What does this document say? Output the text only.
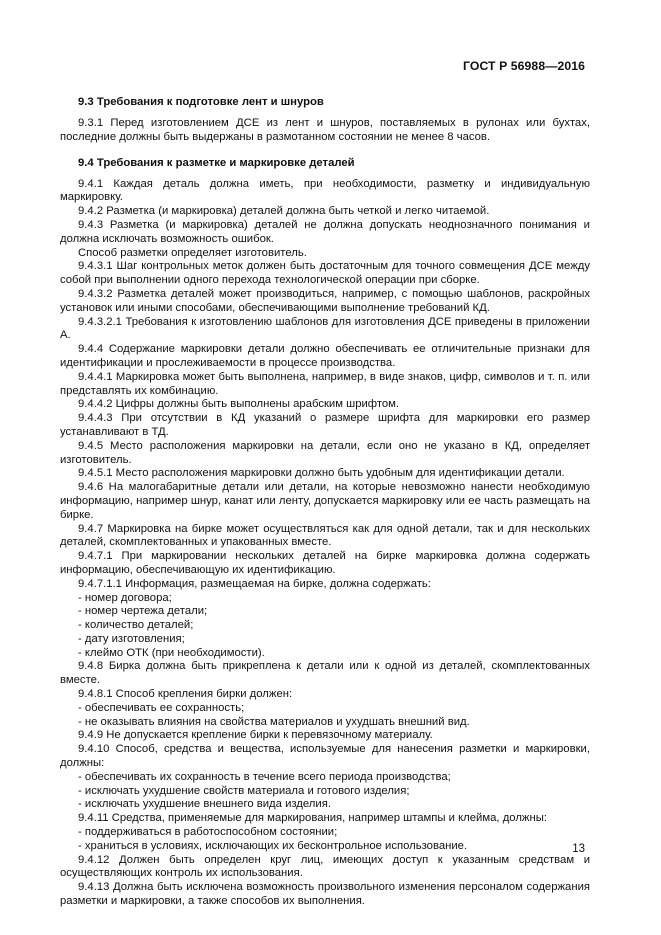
ГОСТ Р 56988—2016

9.3 Требования к подготовке лент и шнуров

9.3.1 Перед изготовлением ДСЕ из лент и шнуров, поставляемых в рулонах или бухтах, последние должны быть выдержаны в размотанном состоянии не менее 8 часов.

9.4 Требования к разметке и маркировке деталей

9.4.1 Каждая деталь должна иметь, при необходимости, разметку и индивидуальную маркировку.

9.4.2 Разметка (и маркировка) деталей должна быть четкой и легко читаемой.

9.4.3 Разметка (и маркировка) деталей не должна допускать неоднозначного понимания и должна исключать возможность ошибок.

Способ разметки определяет изготовитель.

9.4.3.1 Шаг контрольных меток должен быть достаточным для точного совмещения ДСЕ между собой при выполнении одного перехода технологической операции при сборке.

9.4.3.2 Разметка деталей может производиться, например, с помощью шаблонов, раскройных установок или иными способами, обеспечивающими выполнение требований КД.

9.4.3.2.1 Требования к изготовлению шаблонов для изготовления ДСЕ приведены в приложении А.

9.4.4 Содержание маркировки детали должно обеспечивать ее отличительные признаки для идентификации и прослеживаемости в процессе производства.

9.4.4.1 Маркировка может быть выполнена, например, в виде знаков, цифр, символов и т. п. или представлять их комбинацию.

9.4.4.2 Цифры должны быть выполнены арабским шрифтом.

9.4.4.3 При отсутствии в КД указаний о размере шрифта для маркировки его размер устанавливают в ТД.

9.4.5 Место расположения маркировки на детали, если оно не указано в КД, определяет изготовитель.

9.4.5.1 Место расположения маркировки должно быть удобным для идентификации детали.

9.4.6 На малогабаритные детали или детали, на которые невозможно нанести необходимую информацию, например шнур, канат или ленту, допускается маркировку или ее часть размещать на бирке.

9.4.7 Маркировка на бирке может осуществляться как для одной детали, так и для нескольких деталей, скомплектованных и упакованных вместе.

9.4.7.1 При маркировании нескольких деталей на бирке маркировка должна содержать информацию, обеспечивающую их идентификацию.

9.4.7.1.1 Информация, размещаемая на бирке, должна содержать:

- номер договора;

- номер чертежа детали;

- количество деталей;

- дату изготовления;

- клеймо ОТК (при необходимости).

9.4.8 Бирка должна быть прикреплена к детали или к одной из деталей, скомплектованных вместе.

9.4.8.1 Способ крепления бирки должен:

- обеспечивать ее сохранность;

- не оказывать влияния на свойства материалов и ухудшать внешний вид.

9.4.9 Не допускается крепление бирки к перевязочному материалу.

9.4.10 Способ, средства и вещества, используемые для нанесения разметки и маркировки, должны:

- обеспечивать их сохранность в течение всего периода производства;

- исключать ухудшение свойств материала и готового изделия;

- исключать ухудшение внешнего вида изделия.

9.4.11 Средства, применяемые для маркирования, например штампы и клейма, должны:

- поддерживаться в работоспособном состоянии;

- храниться в условиях, исключающих их бесконтрольное использование.

9.4.12 Должен быть определен круг лиц, имеющих доступ к указанным средствам и осуществляющих контроль их использования.

9.4.13 Должна быть исключена возможность произвольного изменения персоналом содержания разметки и маркировки, а также способов их выполнения.

13
